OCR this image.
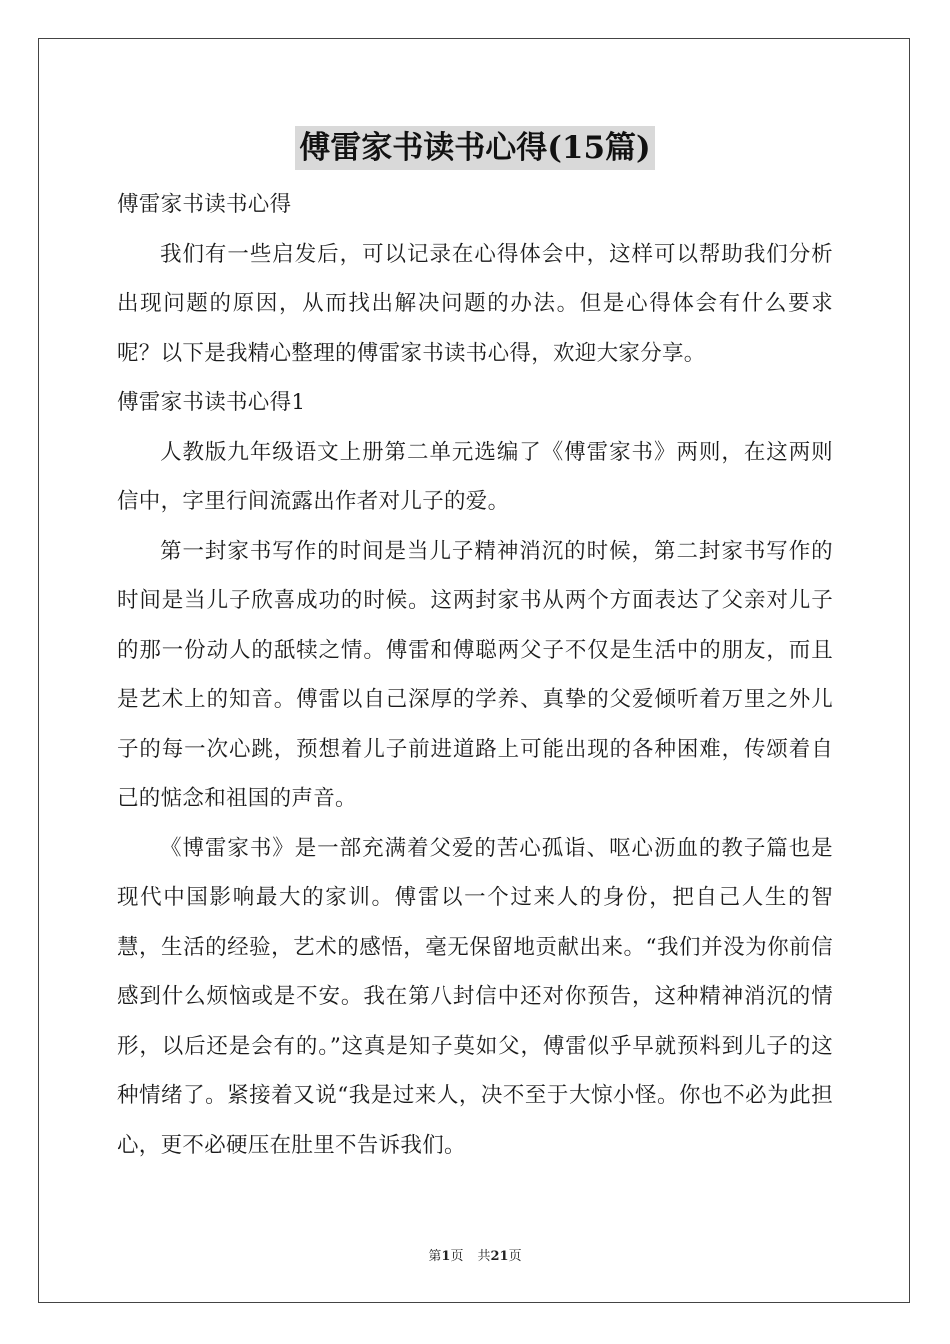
傅雷家书读书心得(15篇)

傅雷家书读书心得

我们有一些启发后，可以记录在心得体会中，这样可以帮助我们分析出现问题的原因，从而找出解决问题的办法。但是心得体会有什么要求呢？以下是我精心整理的傅雷家书读书心得，欢迎大家分享。

傅雷家书读书心得1

人教版九年级语文上册第二单元选编了《傅雷家书》两则，在这两则信中，字里行间流露出作者对儿子的爱。

第一封家书写作的时间是当儿子精神消沉的时候，第二封家书写作的时间是当儿子欣喜成功的时候。这两封家书从两个方面表达了父亲对儿子的那一份动人的舐犊之情。傅雷和傅聪两父子不仅是生活中的朋友，而且是艺术上的知音。傅雷以自己深厚的学养、真挚的父爱倾听着万里之外儿子的每一次心跳，预想着儿子前进道路上可能出现的各种困难，传颂着自己的惦念和祖国的声音。

《博雷家书》是一部充满着父爱的苦心孤诣、呕心沥血的教子篇也是现代中国影响最大的家训。傅雷以一个过来人的身份，把自己人生的智慧，生活的经验，艺术的感悟，毫无保留地贡献出来。“我们并没为你前信感到什么烦恼或是不安。我在第八封信中还对你预告，这种精神消沉的情形，以后还是会有的。”这真是知子莫如父，傅雷似乎早就预料到儿子的这种情绪了。紧接着又说“我是过来人，决不至于大惊小怪。你也不必为此担心，更不必硬压在肚里不告诉我们。

第1页 共21页
